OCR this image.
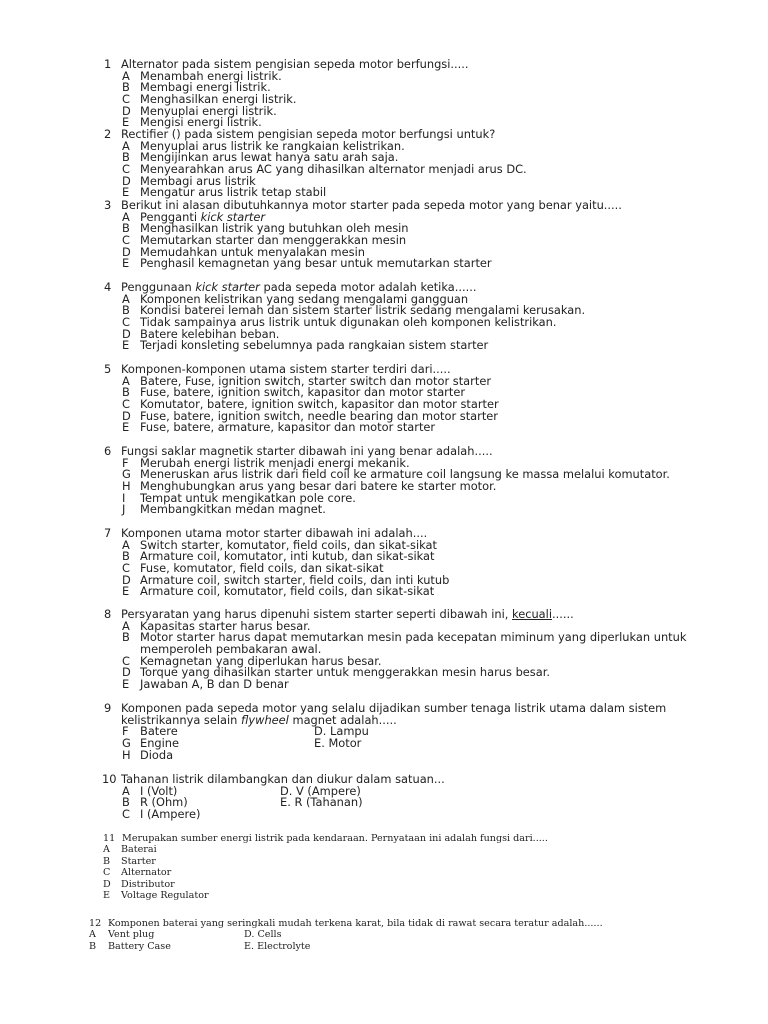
1 Alternator pada sistem pengisian sepeda motor berfungsi.....
A Menambah energi listrik.
B Membagi energi listrik.
C Menghasilkan energi listrik.
D Menyuplai energi listrik.
E Mengisi energi listrik.
2 Rectifier () pada sistem pengisian sepeda motor berfungsi untuk?
A Menyuplai arus listrik ke rangkaian kelistrikan.
B Mengijinkan arus lewat hanya satu arah saja.
C Menyearahkan arus AC yang dihasilkan alternator menjadi arus DC.
D Membagi arus listrik
E Mengatur arus listrik tetap stabil
3 Berikut ini alasan dibutuhkannya motor starter pada sepeda motor yang benar yaitu.....
A Pengganti kick starter
B Menghasilkan listrik yang butuhkan oleh mesin
C Memutarkan starter dan menggerakkan mesin
D Memudahkan untuk menyalakan mesin
E Penghasil kemagnetan yang besar untuk memutarkan starter
4 Penggunaan kick starter pada sepeda motor adalah ketika......
A Komponen kelistrikan yang sedang mengalami gangguan
B Kondisi baterei lemah dan sistem starter listrik sedang mengalami kerusakan.
C Tidak sampainya arus listrik untuk digunakan oleh komponen kelistrikan.
D Batere kelebihan beban.
E Terjadi konsleting sebelumnya pada rangkaian sistem starter
5 Komponen-komponen utama sistem starter terdiri dari.....
A Batere, Fuse, ignition switch, starter switch dan motor starter
B Fuse, batere, ignition switch, kapasitor dan motor starter
C Komutator, batere, ignition switch, kapasitor dan motor starter
D Fuse, batere, ignition switch, needle bearing dan motor starter
E Fuse, batere, armature, kapasitor dan motor starter
6 Fungsi saklar magnetik starter dibawah ini yang benar adalah.....
F Merubah energi listrik menjadi energi mekanik.
G Meneruskan arus listrik dari field coil ke armature coil langsung ke massa melalui komutator.
H Menghubungkan arus yang besar dari batere ke starter motor.
I Tempat untuk mengikatkan pole core.
J Membangkitkan medan magnet.
7 Komponen utama motor starter dibawah ini adalah....
A Switch starter, komutator, field coils, dan sikat-sikat
B Armature coil, komutator, inti kutub, dan sikat-sikat
C Fuse, komutator, field coils, dan sikat-sikat
D Armature coil, switch starter, field coils, dan inti kutub
E Armature coil, komutator, field coils, dan sikat-sikat
8 Persyaratan yang harus dipenuhi sistem starter seperti dibawah ini, kecuali......
A Kapasitas starter harus besar.
B Motor starter harus dapat memutarkan mesin pada kecepatan miminum yang diperlukan untuk
memperoleh pembakaran awal.
C Kemagnetan yang diperlukan harus besar.
D Torque yang dihasilkan starter untuk menggerakkan mesin harus besar.
E Jawaban A, B dan D benar
9 Komponen pada sepeda motor yang selalu dijadikan sumber tenaga listrik utama dalam sistem
kelistrikannya selain flywheel magnet adalah.....
F Batere	D. Lampu
G Engine	E. Motor
H Dioda
10 Tahanan listrik dilambangkan dan diukur dalam satuan...
A I (Volt)	D. V (Ampere)
B R (Ohm)	E. R (Tahanan)
C I (Ampere)
11 Merupakan sumber energi listrik pada kendaraan. Pernyataan ini adalah fungsi dari.....
A Baterai
B Starter
C Alternator
D Distributor
E Voltage Regulator
12 Komponen baterai yang seringkali mudah terkena karat, bila tidak di rawat secara teratur adalah......
A Vent plug	D. Cells
B Battery Case	E. Electrolyte
